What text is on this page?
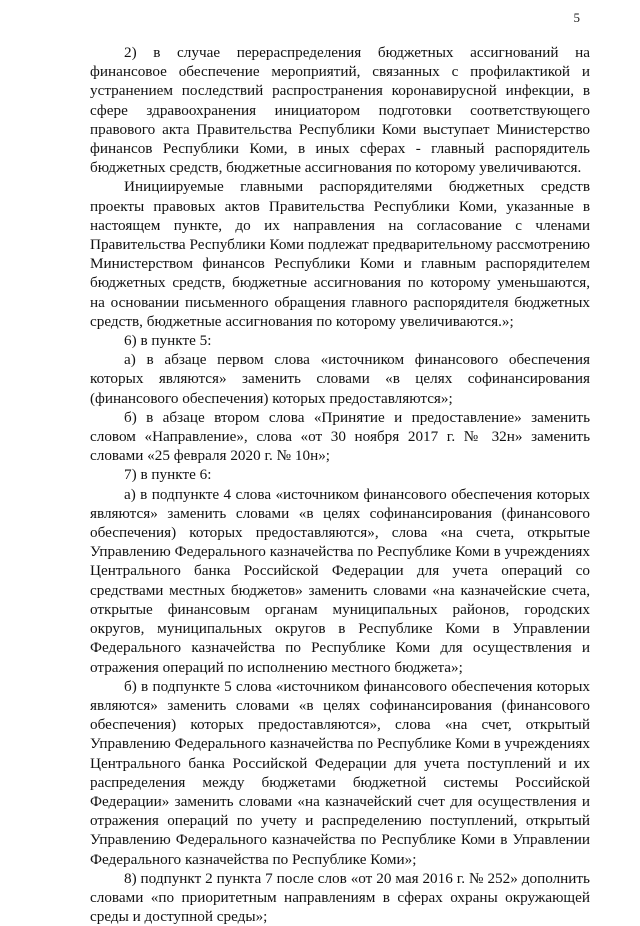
5

2) в случае перераспределения бюджетных ассигнований на финансовое обеспечение мероприятий, связанных с профилактикой и устранением последствий распространения коронавирусной инфекции, в сфере здравоохранения инициатором подготовки соответствующего правового акта Правительства Республики Коми выступает Министерство финансов Республики Коми, в иных сферах - главный распорядитель бюджетных средств, бюджетные ассигнования по которому увеличиваются.

Инициируемые главными распорядителями бюджетных средств проекты правовых актов Правительства Республики Коми, указанные в настоящем пункте, до их направления на согласование с членами Правительства Республики Коми подлежат предварительному рассмотрению Министерством финансов Республики Коми и главным распорядителем бюджетных средств, бюджетные ассигнования по которому уменьшаются, на основании письменного обращения главного распорядителя бюджетных средств, бюджетные ассигнования по которому увеличиваются.»;

6) в пункте 5:

а) в абзаце первом слова «источником финансового обеспечения которых являются» заменить словами «в целях софинансирования (финансового обеспечения) которых предоставляются»;

б) в абзаце втором слова «Принятие и предоставление» заменить словом «Направление», слова «от 30 ноября 2017 г. № 32н» заменить словами «25 февраля 2020 г. № 10н»;

7) в пункте 6:

а) в подпункте 4 слова «источником финансового обеспечения которых являются» заменить словами «в целях софинансирования (финансового обеспечения) которых предоставляются», слова «на счета, открытые Управлению Федерального казначейства по Республике Коми в учреждениях Центрального банка Российской Федерации для учета операций со средствами местных бюджетов» заменить словами «на казначейские счета, открытые финансовым органам муниципальных районов, городских округов, муниципальных округов в Республике Коми в Управлении Федерального казначейства по Республике Коми для осуществления и отражения операций по исполнению местного бюджета»;

б) в подпункте 5 слова «источником финансового обеспечения которых являются» заменить словами «в целях софинансирования (финансового обеспечения) которых предоставляются», слова «на счет, открытый Управлению Федерального казначейства по Республике Коми в учреждениях Центрального банка Российской Федерации для учета поступлений и их распределения между бюджетами бюджетной системы Российской Федерации» заменить словами «на казначейский счет для осуществления и отражения операций по учету и распределению поступлений, открытый Управлению Федерального казначейства по Республике Коми в Управлении Федерального казначейства по Республике Коми»;

8) подпункт 2 пункта 7 после слов «от 20 мая 2016 г. № 252» дополнить словами «по приоритетным направлениям в сферах охраны окружающей среды и доступной среды»;
